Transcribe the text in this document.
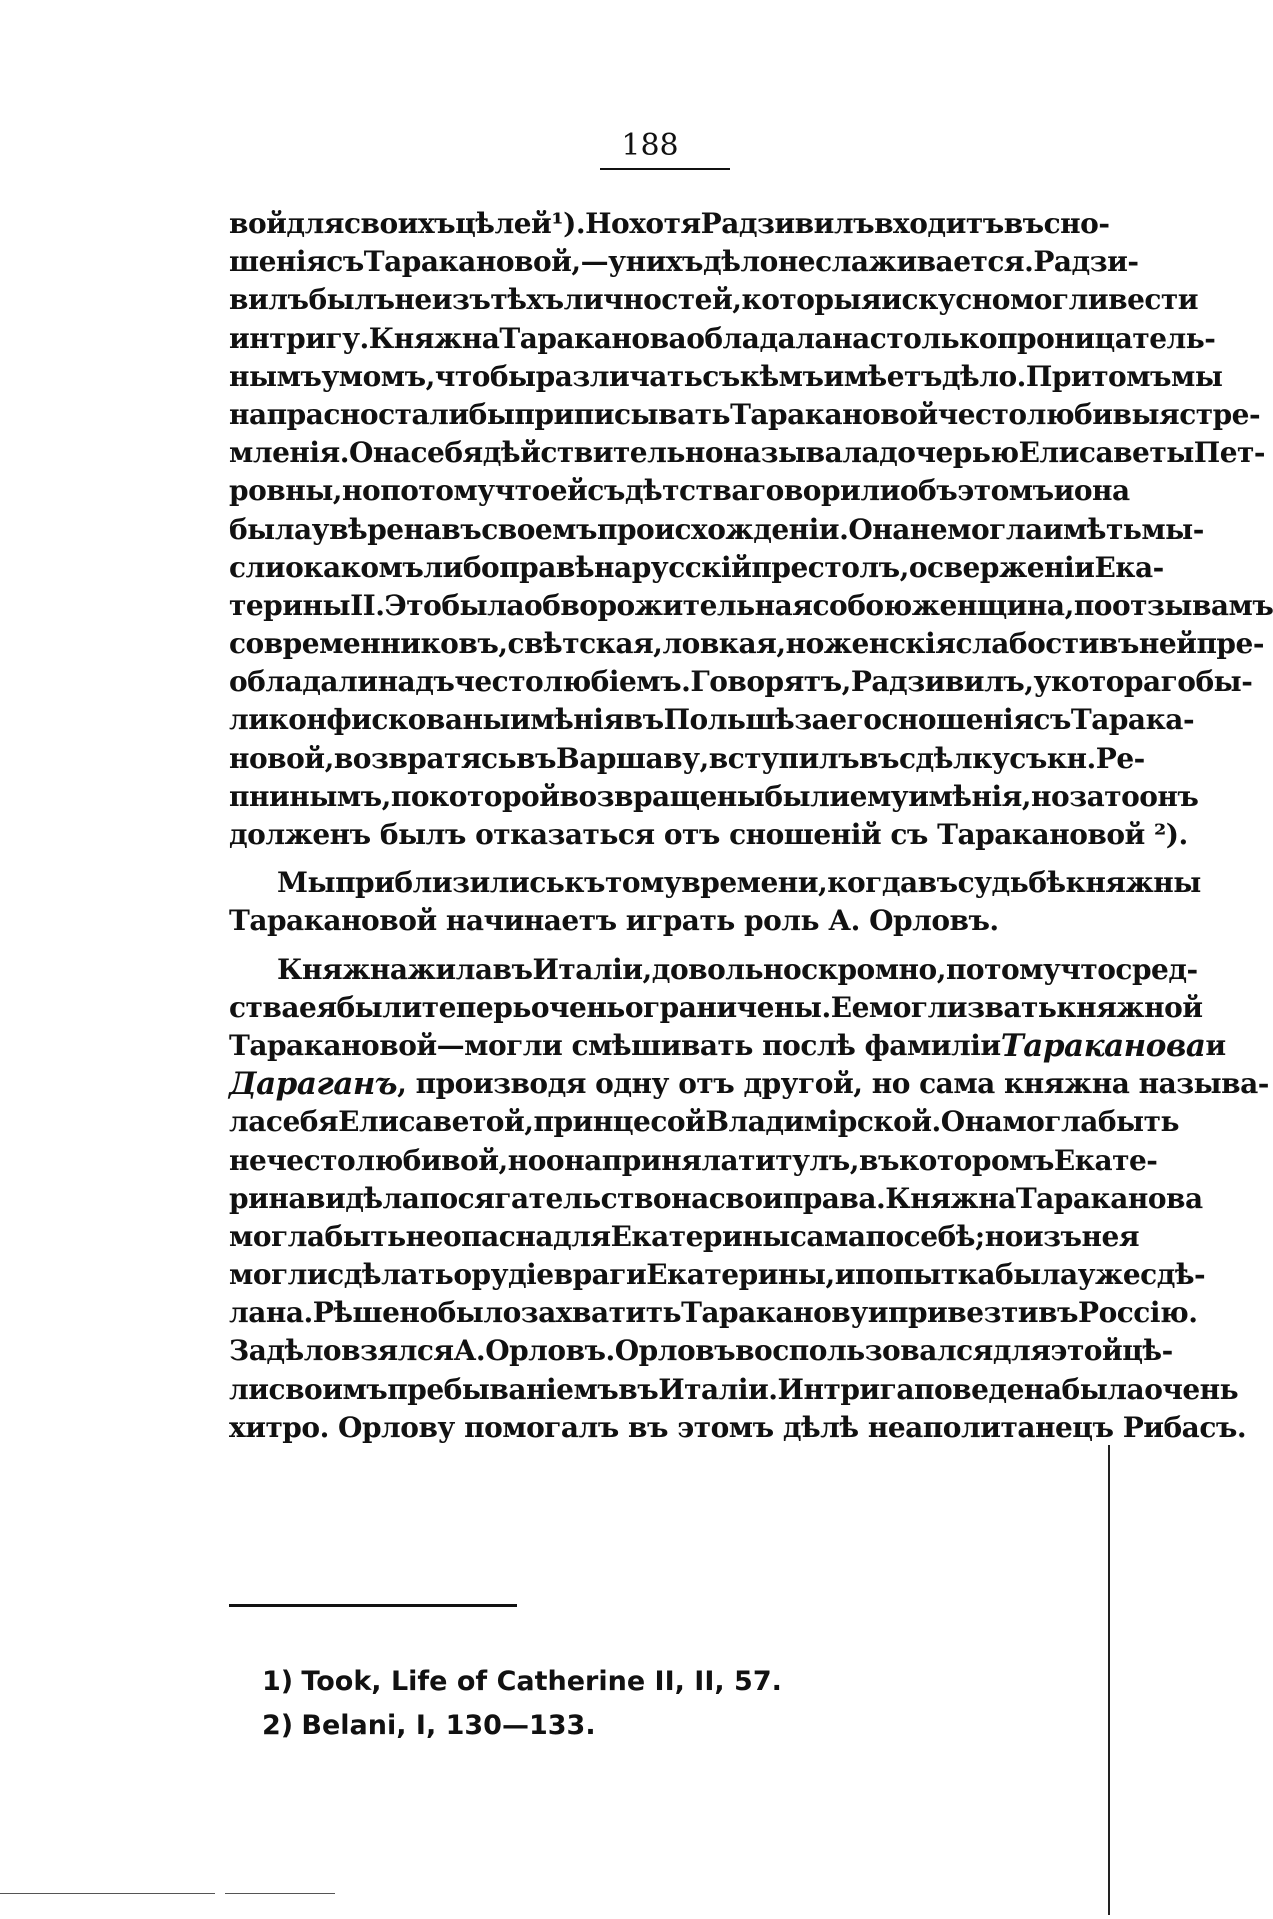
188
вой для своихъ цѣлей ¹). Но хотя Радзивилъ входитъ въ сно-
шенія съ Таракановой, — у нихъ дѣло не слаживается. Радзи-
вилъ былъ не изъ тѣхъ личностей, которыя искусно могли вести
интригу. Княжна Тараканова обладала на столько проницатель-
нымъ умомъ, чтобы различать съ кѣмъ имѣетъ дѣло. Притомъ мы
напрасно стали бы приписывать Таракановой честолюбивыя стре-
мленія. Она себя дѣйствительно называла дочерью Елисаветы Пет-
ровны, но потому что ей съ дѣтства говорили объ этомъ и она
была увѣрена въ своемъ происхожденіи. Она не могла имѣть мы-
сли о какомъ либо правѣ на русскій престолъ, о сверженіи Ека-
терины II. Это была обворожительная собою женщина, по отзывамъ
современниковъ, свѣтская, ловкая, но женскія слабости въ ней пре-
обладали надъ честолюбіемъ. Говорятъ, Радзивилъ, у котораго бы-
ли конфискованы имѣнія въ Польшѣ за его сношенія съ Тарака-
новой, возвратясь въ Варшаву, вступилъ въ сдѣлку съ кн. Ре-
пнинымъ, по которой возвращены были ему имѣнія, но за то онъ
долженъ былъ отказаться отъ сношеній съ Таракановой ²).
Мы приблизились къ тому времени, когда въ судьбѣ княжны
Таракановой начинаетъ играть роль А. Орловъ.
Княжна жила въ Италіи, довольно скромно, потому что сред-
ства ея были теперь очень ограничены. Ее могли звать княжной
Таракановой—могли смѣшивать послѣ фамиліи Тараканова и
Дараганъ , производя одну отъ другой, но сама княжна называ-
ла себя Елисаветой, принцесой Владимірской. Она могла быть
не честолюбивой, но она приняла титулъ, въ которомъ Екате-
рина видѣла посягательство на свои права. Княжна Тараканова
могла быть не опасна для Екатерины сама по себѣ; но изъ нея
могли сдѣлать орудіе враги Екатерины, и попытка была уже сдѣ-
лана. Рѣшено было захватить Тараканову и привезти въ Россію.
За дѣло взялся А. Орловъ. Орловъ воспользовался для этой цѣ-
ли своимъ пребываніемъ въ Италіи. Интрига поведена была очень
хитро. Орлову помогалъ въ этомъ дѣлѣ неаполитанецъ Рибасъ.
1) Took, Life of Catherine II, II, 57.
2) Belani, I, 130—133.
